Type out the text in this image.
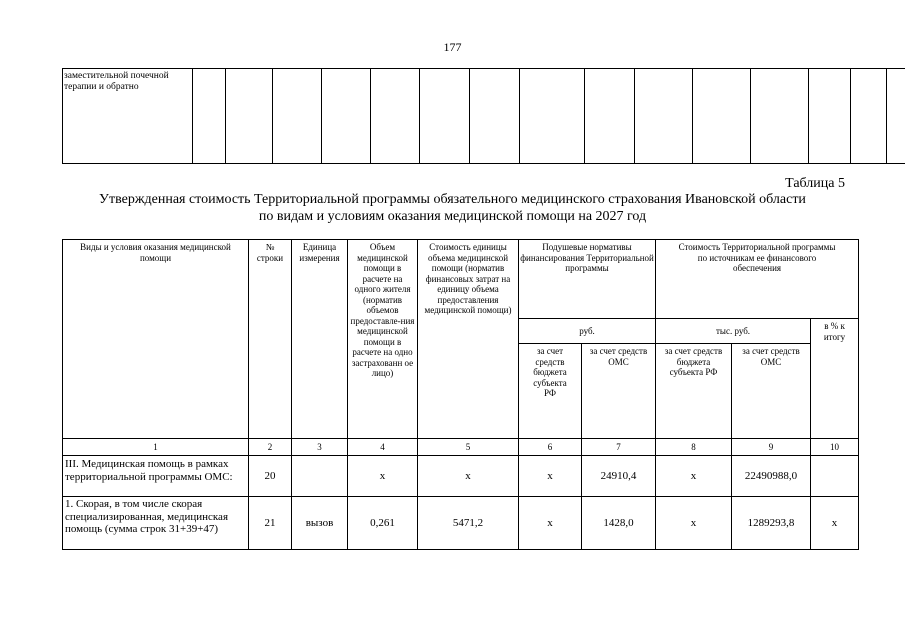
177
заместительной почечной терапии и обратно															
Таблица 5
Утвержденная стоимость Территориальной программы обязательного медицинского страхования Ивановской области
по видам и условиям оказания медицинской помощи на 2027 год
Виды и условия оказания медицинской помощи	№ строки	Единица измерения	Объем медицинской помощи в расчете на одного жителя (норматив объемов предоставле-ния медицинской помощи в расчете на одно застрахованн ое лицо)	Стоимость единицы объема медицинской помощи (норматив финансовых затрат на единицу объема предоставления медицинской помощи)	Подушевые нормативы финансирования Территориальной программы		Стоимость Территориальной программы по источникам ее финансового обеспечения		
					руб.		тыс. руб.		в % к итогу
					за счет средств бюджета субъекта РФ	за счет средств ОМС	за счет средств бюджета субъекта РФ	за счет средств ОМС	
1	2	3	4	5	6	7	8	9	10
III. Медицинская помощь в рамках территориальной программы ОМС:	20		х	х	х	24910,4	х	22490988,0	
1. Скорая, в том числе скорая специализированная, медицинская помощь (сумма строк 31+39+47)	21	вызов	0,261	5471,2	х	1428,0	х	1289293,8	х
